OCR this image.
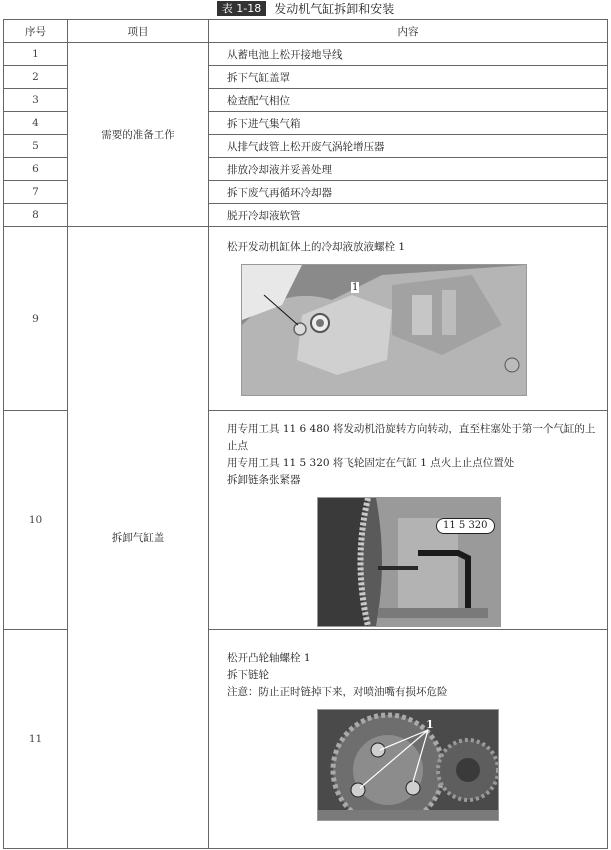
表 1-18 发动机气缸拆卸和安装
序号	项目	内容
1	需要的准备工作	从蓄电池上松开接地导线
2		拆下气缸盖罩
3		检查配气相位
4		拆下进气集气箱
5		从排气歧管上松开废气涡轮增压器
6		排放冷却液并妥善处理
7		拆下废气再循环冷却器
8		脱开冷却液软管
9	拆卸气缸盖	松开发动机缸体上的冷却液放液螺栓 1
1

10		用专用工具 11 6 480 将发动机沿旋转方向转动，直至柱塞处于第一个气缸的上止点
用专用工具 11 5 320 将飞轮固定在气缸 1 点火上止点位置处
拆卸链条张紧器
11 5 320

11		松开凸轮轴螺栓 1
拆下链轮
注意：防止正时链掉下来，对喷油嘴有损坏危险
1
